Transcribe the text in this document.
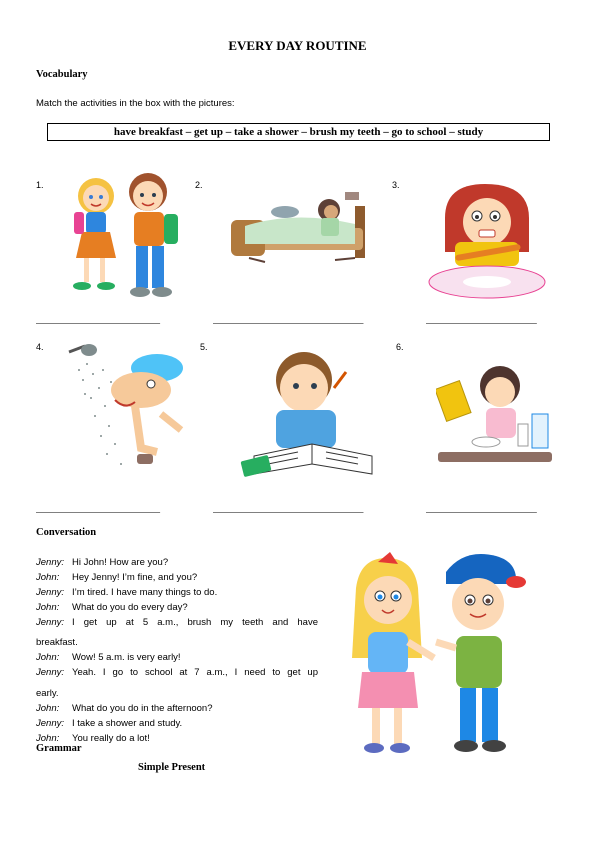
EVERY DAY ROUTINE
Vocabulary
Match the activities in the box with the pictures:
have breakfast – get up – take a shower – brush my teeth – go to school – study
1.	2.	3.
4.	5.	6.
____________________________	__________________________________	_________________________
____________________________	__________________________________	_________________________
Conversation
Jenny: Hi John! How are you?
John: Hey Jenny! I’m fine, and you?
Jenny: I’m tired. I have many things to do.
John: What do you do every day?
Jenny: I get up at 5 a.m., brush my teeth and have
breakfast.
John: Wow! 5 a.m. is very early!
Jenny: Yeah. I go to school at 7 a.m., I need to get up
early.
John: What do you do in the afternoon?
Jenny: I take a shower and study.
John: You really do a lot!
Grammar
Simple Present
